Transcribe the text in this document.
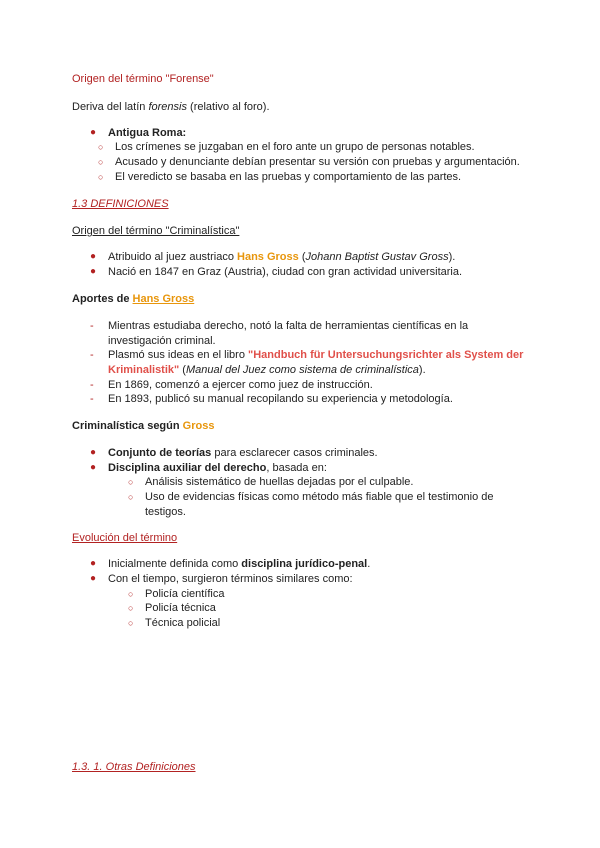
Origen del término "Forense"
Deriva del latín forensis (relativo al foro).
● Antigua Roma:
○ Los crímenes se juzgaban en el foro ante un grupo de personas notables.
○ Acusado y denunciante debían presentar su versión con pruebas y argumentación.
○ El veredicto se basaba en las pruebas y comportamiento de las partes.
1.3 DEFINICIONES
Origen del término "Criminalística"
● Atribuido al juez austriaco Hans Gross (Johann Baptist Gustav Gross).
● Nació en 1847 en Graz (Austria), ciudad con gran actividad universitaria.
Aportes de Hans Gross
- Mientras estudiaba derecho, notó la falta de herramientas científicas en la
investigación criminal.
- Plasmó sus ideas en el libro "Handbuch für Untersuchungsrichter als System der
Kriminalistik" (Manual del Juez como sistema de criminalística).
- En 1869, comenzó a ejercer como juez de instrucción.
- En 1893, publicó su manual recopilando su experiencia y metodología.
Criminalística según Gross
● Conjunto de teorías para esclarecer casos criminales.
● Disciplina auxiliar del derecho, basada en:
○ Análisis sistemático de huellas dejadas por el culpable.
○ Uso de evidencias físicas como método más fiable que el testimonio de
testigos.
Evolución del término
● Inicialmente definida como disciplina jurídico-penal.
● Con el tiempo, surgieron términos similares como:
○ Policía científica
○ Policía técnica
○ Técnica policial
1.3. 1. Otras Definiciones
